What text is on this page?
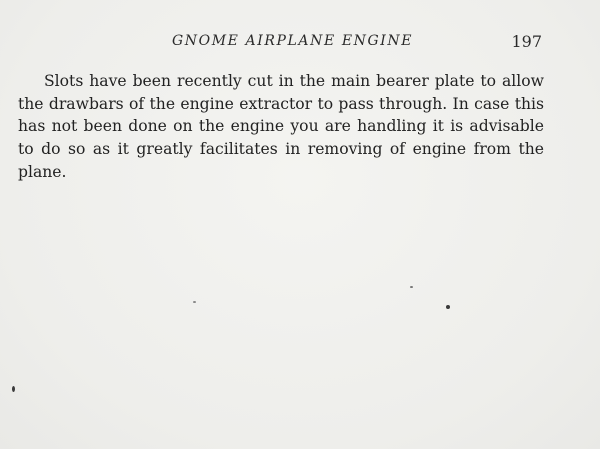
GNOME AIRPLANE ENGINE	197

Slots have been recently cut in the main bearer plate to allow the drawbars of the engine extractor to pass through. In case this has not been done on the engine you are handling it is advisable to do so as it greatly facilitates in removing of engine from the plane.
